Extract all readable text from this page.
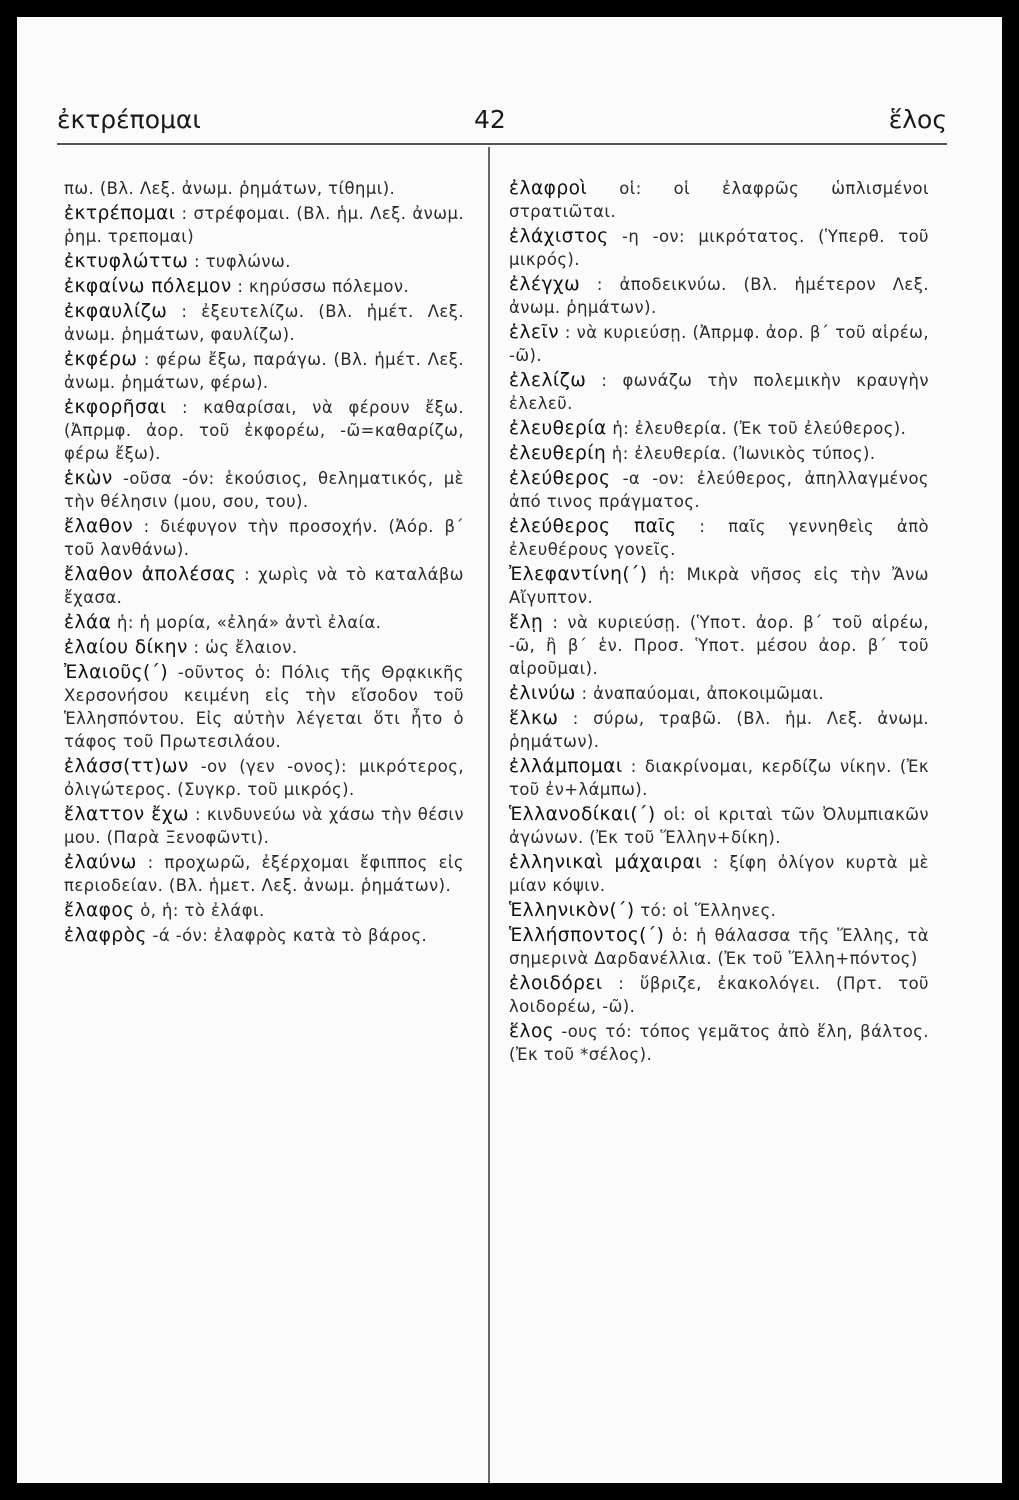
ἐκτρέπομαι	42	ἕλος
πω. (Βλ. Λεξ. ἀνωμ. ῥημάτων, τίθημι).
ἐκτρέπομαι : στρέφομαι. (Βλ. ἡμ. Λεξ. ἀνωμ. ῥημ. τρεπομαι)
ἐκτυφλώττω : τυφλώνω.
ἐκφαίνω πόλεμον : κηρύσσω πόλεμον.
ἐκφαυλίζω : ἐξευτελίζω. (Βλ. ἡμέτ. Λεξ. ἀνωμ. ῥημάτων, φαυλίζω).
ἐκφέρω : φέρω ἔξω, παράγω. (Βλ. ἡμέτ. Λεξ. ἀνωμ. ῥημάτων, φέρω).
ἐκφορῆσαι : καθαρίσαι, νὰ φέρουν ἔξω. (Ἀπρμφ. ἀορ. τοῦ ἐκφορέω, -ῶ=καθαρίζω, φέρω ἔξω).
ἑκὼν -οῦσα -όν: ἑκούσιος, θεληματικός, μὲ τὴν θέλησιν (μου, σου, του).
ἔλαθον : διέφυγον τὴν προσοχήν. (Ἀόρ. β΄ τοῦ λανθάνω).
ἔλαθον ἀπολέσας : χωρὶς νὰ τὸ καταλάβω ἔχασα.
ἐλάα ἡ: ἡ μορία, «ἐληά» ἀντὶ ἐλαία.
ἐλαίου δίκην : ὡς ἔλαιον.
Ἐλαιοῦς(΄) -οῦντος ὁ: Πόλις τῆς Θρᾳκικῆς Χερσονήσου κειμένη εἰς τὴν εἴσοδον τοῦ Ἑλλησπόντου. Εἰς αὐτὴν λέγεται ὅτι ἦτο ὁ τάφος τοῦ Πρωτεσιλάου.
ἐλάσσ(ττ)ων -ον (γεν -ονος): μικρότερος, ὀλιγώτερος. (Συγκρ. τοῦ μικρός).
ἔλαττον ἔχω : κινδυνεύω νὰ χάσω τὴν θέσιν μου. (Παρὰ Ξενοφῶντι).
ἐλαύνω : προχωρῶ, ἐξέρχομαι ἔφιππος εἰς περιοδείαν. (Βλ. ἡμετ. Λεξ. ἀνωμ. ῥημάτων).
ἔλαφος ὁ, ἡ: τὸ ἐλάφι.
ἐλαφρὸς -ά -όν: ἐλαφρὸς κατὰ τὸ βάρος.
ἐλαφροὶ οἱ: οἱ ἐλαφρῶς ὡπλισμένοι στρατιῶται.
ἐλάχιστος -η -ον: μικρότατος. (Ὑπερθ. τοῦ μικρός).
ἐλέγχω : ἀποδεικνύω. (Βλ. ἡμέτερον Λεξ. ἀνωμ. ῥημάτων).
ἑλεῖν : νὰ κυριεύσῃ. (Ἀπρμφ. ἀορ. β΄ τοῦ αἱρέω, -ῶ).
ἐλελίζω : φωνάζω τὴν πολεμικὴν κραυγὴν ἐλελεῦ.
ἐλευθερία ἡ: ἐλευθερία. (Ἐκ τοῦ ἐλεύθερος).
ἐλευθερίη ἡ: ἐλευθερία. (Ἰωνικὸς τύπος).
ἐλεύθερος -α -ον: ἐλεύθερος, ἀπηλλαγμένος ἀπό τινος πράγματος.
ἐλεύθερος παῖς : παῖς γεννηθεὶς ἀπὸ ἐλευθέρους γονεῖς.
Ἐλεφαντίνη(΄) ἡ: Μικρὰ νῆσος εἰς τὴν Ἄνω Αἴγυπτον.
ἕλῃ : νὰ κυριεύσῃ. (Ὑποτ. ἀορ. β΄ τοῦ αἱρέω, -ῶ, ἢ β΄ ἑν. Προσ. Ὑποτ. μέσου ἀορ. β΄ τοῦ αἱροῦμαι).
ἐλινύω : ἀναπαύομαι, ἀποκοιμῶμαι.
ἕλκω : σύρω, τραβῶ. (Βλ. ἡμ. Λεξ. ἀνωμ. ῥημάτων).
ἐλλάμπομαι : διακρίνομαι, κερδίζω νίκην. (Ἐκ τοῦ ἐν+λάμπω).
Ἑλλανοδίκαι(΄) οἱ: οἱ κριταὶ τῶν Ὀλυμπιακῶν ἀγώνων. (Ἐκ τοῦ Ἕλλην+δίκη).
ἑλληνικαὶ μάχαιραι : ξίφη ὀλίγον κυρτὰ μὲ μίαν κόψιν.
Ἑλληνικὸν(΄) τό: οἱ Ἕλληνες.
Ἑλλήσποντος(΄) ὁ: ἡ θάλασσα τῆς Ἕλλης, τὰ σημερινὰ Δαρδανέλλια. (Ἐκ τοῦ Ἕλλη+πόντος)
ἐλοιδόρει : ὕβριζε, ἐκακολόγει. (Πρτ. τοῦ λοιδορέω, -ῶ).
ἕλος -ους τό: τόπος γεμᾶτος ἀπὸ ἕλη, βάλτος. (Ἐκ τοῦ *σέλος).
